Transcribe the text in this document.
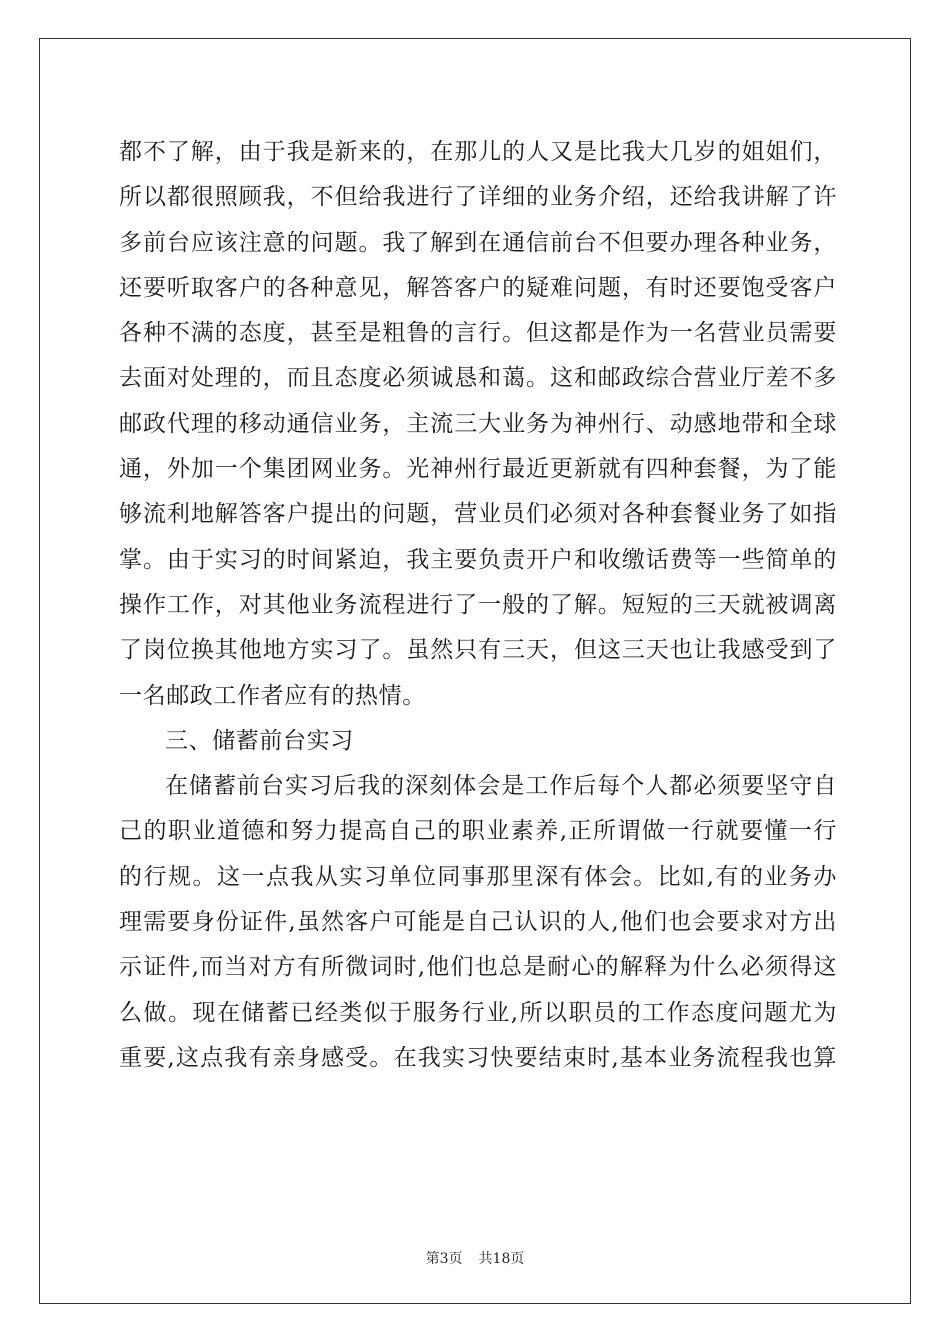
都不了解，由于我是新来的，在那儿的人又是比我大几岁的姐姐们，
所以都很照顾我，不但给我进行了详细的业务介绍，还给我讲解了许
多前台应该注意的问题。我了解到在通信前台不但要办理各种业务，
还要听取客户的各种意见，解答客户的疑难问题，有时还要饱受客户
各种不满的态度，甚至是粗鲁的言行。但这都是作为一名营业员需要
去面对处理的，而且态度必须诚恳和蔼。这和邮政综合营业厅差不多
邮政代理的移动通信业务，主流三大业务为神州行、动感地带和全球
通，外加一个集团网业务。光神州行最近更新就有四种套餐，为了能
够流利地解答客户提出的问题，营业员们必须对各种套餐业务了如指
掌。由于实习的时间紧迫，我主要负责开户和收缴话费等一些简单的
操作工作，对其他业务流程进行了一般的了解。短短的三天就被调离
了岗位换其他地方实习了。虽然只有三天，但这三天也让我感受到了
一名邮政工作者应有的热情。
三、储蓄前台实习
在储蓄前台实习后我的深刻体会是工作后每个人都必须要坚守自
己的职业道德和努力提高自己的职业素养,正所谓做一行就要懂一行
的行规。这一点我从实习单位同事那里深有体会。比如,有的业务办
理需要身份证件,虽然客户可能是自己认识的人,他们也会要求对方出
示证件,而当对方有所微词时,他们也总是耐心的解释为什么必须得这
么做。现在储蓄已经类似于服务行业,所以职员的工作态度问题尤为
重要,这点我有亲身感受。在我实习快要结束时,基本业务流程我也算
第3页 共18页
